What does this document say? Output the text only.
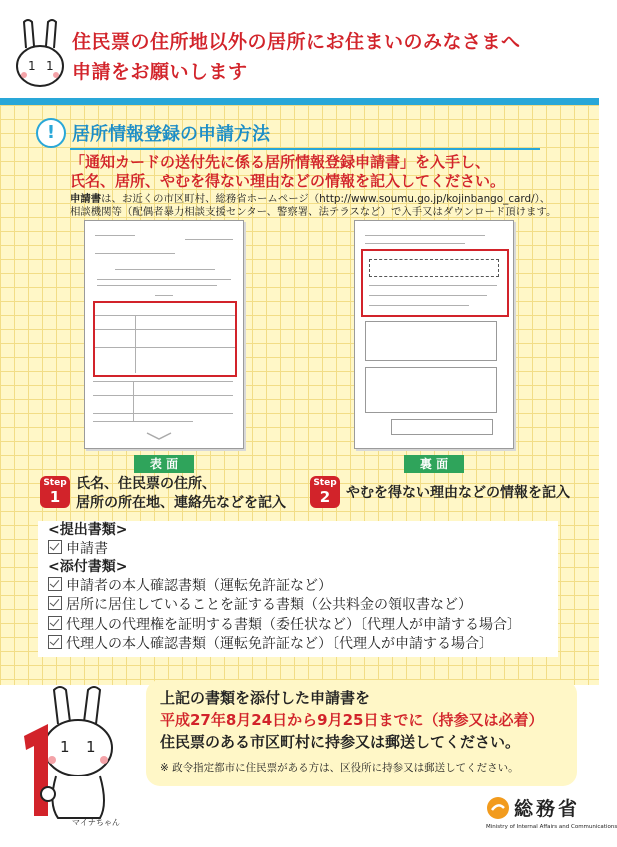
1 1
住民票の住所地以外の居所にお住まいのみなさまへ
申請をお願いします
! 居所情報登録の申請方法
「通知カードの送付先に係る居所情報登録申請書」を入手し、
氏名、居所、やむを得ない理由などの情報を記入してください。
申請書は、お近くの市区町村、総務省ホームページ（http://www.soumu.go.jp/kojinbango_card/）、
相談機関等（配偶者暴力相談支援センター、警察署、法テラスなど）で入手又はダウンロード頂けます。
表 面	裏 面
Step
1
氏名、住民票の住所、
居所の所在地、連絡先などを記入
Step
2	やむを得ない理由などの情報を記入
<提出書類>
申請書
<添付書類>
申請者の本人確認書類（運転免許証など）
居所に居住していることを証する書類（公共料金の領収書など）
代理人の代理権を証明する書類（委任状など）〔代理人が申請する場合〕
代理人の本人確認書類（運転免許証など）〔代理人が申請する場合〕
1 1
マイナちゃん
上記の書類を添付した申請書を
平成27年8月24日から9月25日までに（持参又は必着）
住民票のある市区町村に持参又は郵送してください。
※ 政令指定都市に住民票がある方は、区役所に持参又は郵送してください。
総務省
Ministry of Internal Affairs and Communications
